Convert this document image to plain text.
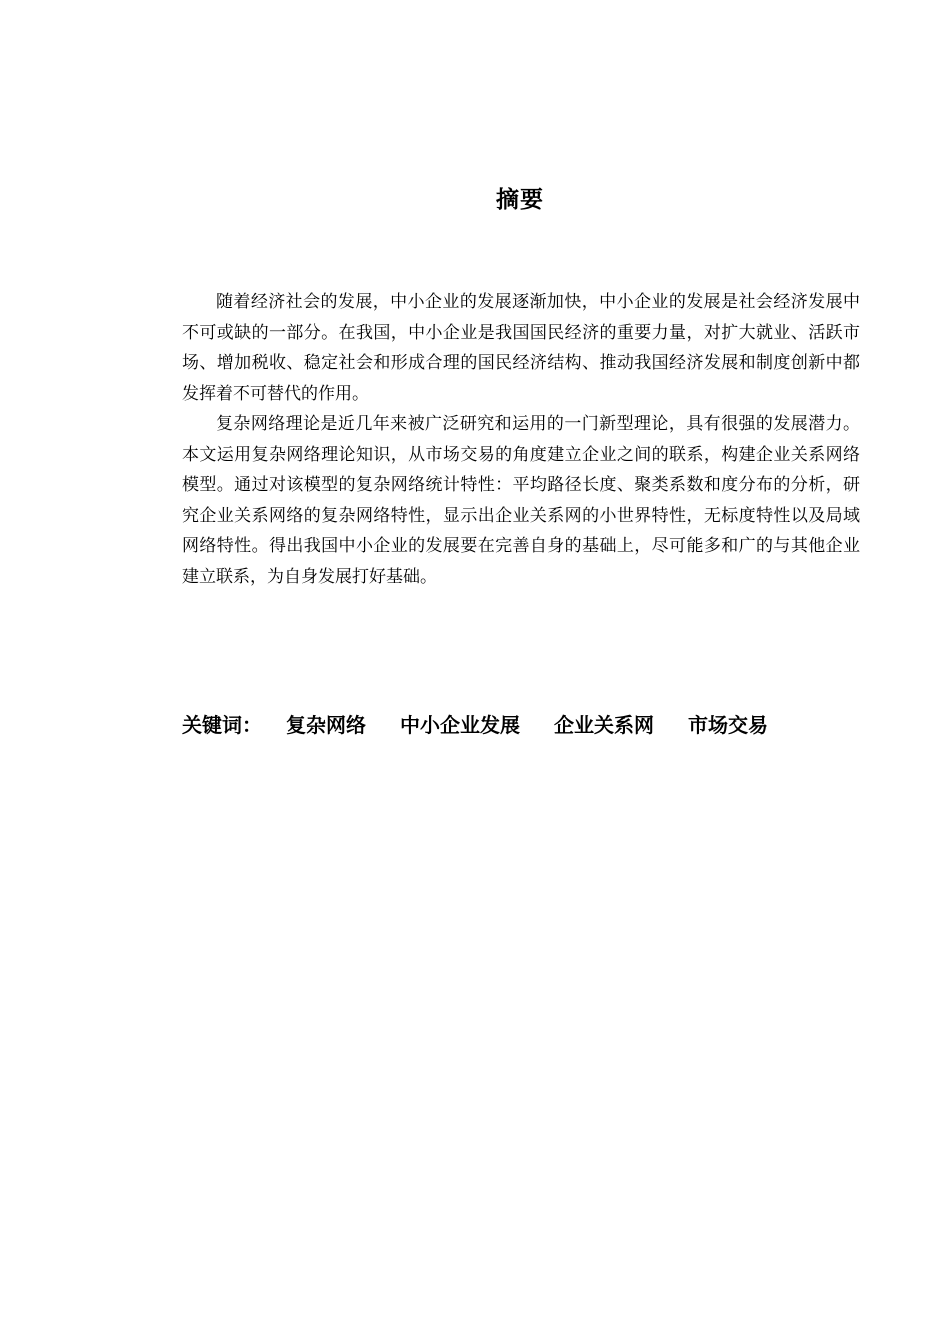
摘要

随着经济社会的发展，中小企业的发展逐渐加快，中小企业的发展是社会经济发展中不可或缺的一部分。在我国，中小企业是我国国民经济的重要力量，对扩大就业、活跃市场、增加税收、稳定社会和形成合理的国民经济结构、推动我国经济发展和制度创新中都发挥着不可替代的作用。

复杂网络理论是近几年来被广泛研究和运用的一门新型理论，具有很强的发展潜力。本文运用复杂网络理论知识，从市场交易的角度建立企业之间的联系，构建企业关系网络模型。通过对该模型的复杂网络统计特性：平均路径长度、聚类系数和度分布的分析，研究企业关系网络的复杂网络特性，显示出企业关系网的小世界特性，无标度特性以及局域网络特性。得出我国中小企业的发展要在完善自身的基础上，尽可能多和广的与其他企业建立联系，为自身发展打好基础。

关键词： 复杂网络 中小企业发展 企业关系网 市场交易
